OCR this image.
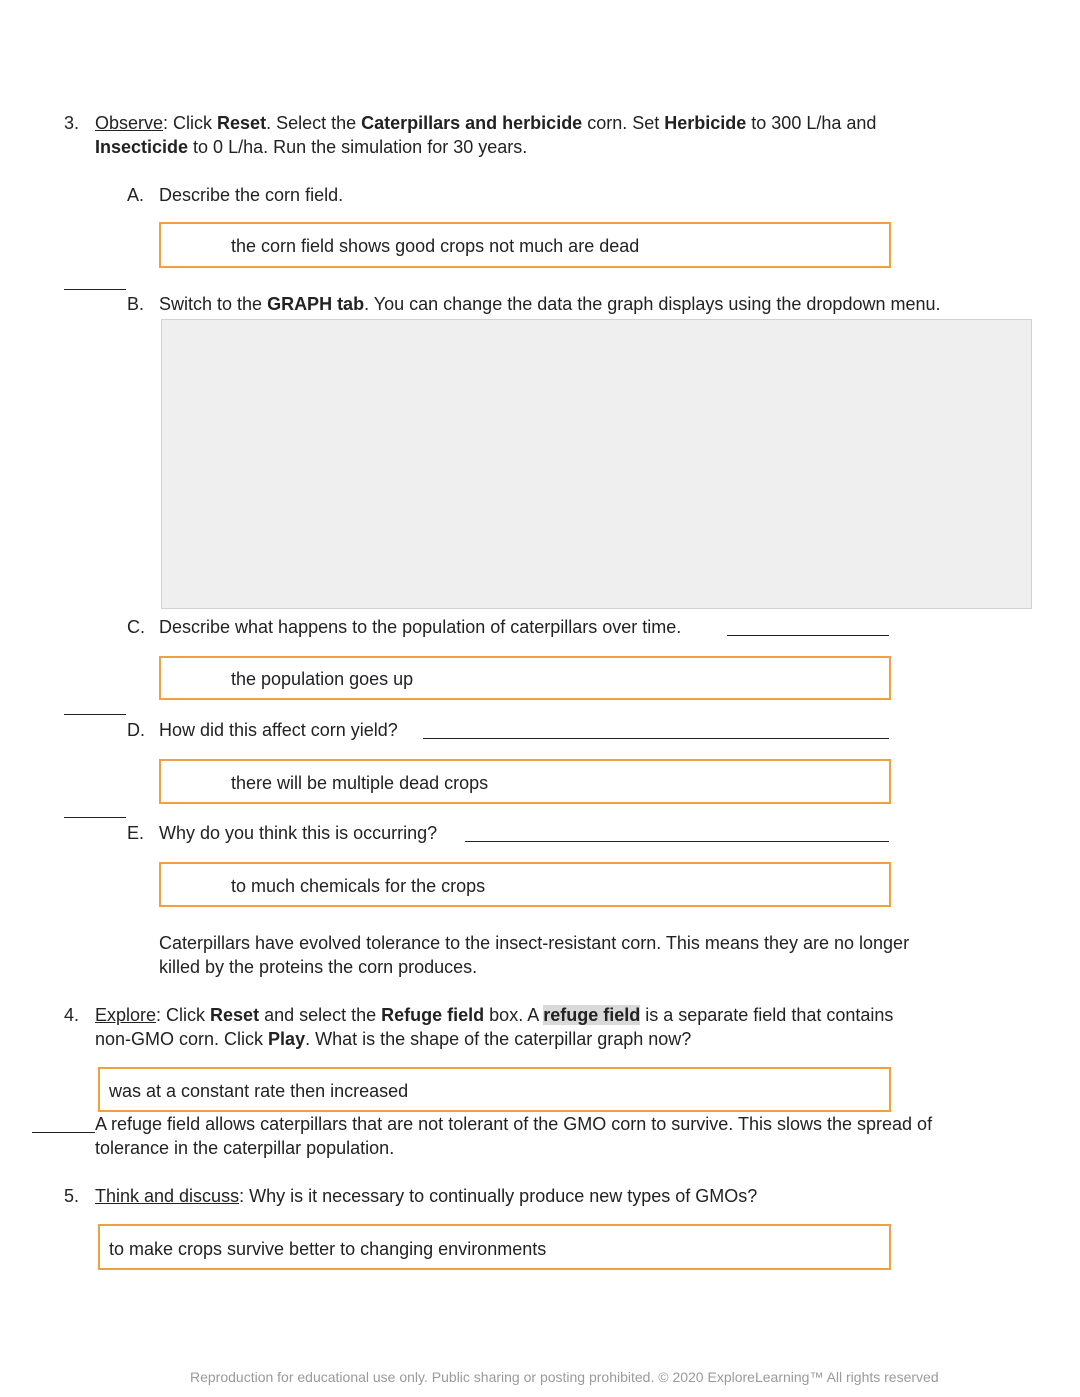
3. Observe: Click Reset. Select the Caterpillars and herbicide corn. Set Herbicide to 300 L/ha and
Insecticide to 0 L/ha. Run the simulation for 30 years.
A. Describe the corn field.
the corn field shows good crops not much are dead
B. Switch to the GRAPH tab. You can change the data the graph displays using the dropdown menu.
C. Describe what happens to the population of caterpillars over time.
the population goes up
D. How did this affect corn yield?
there will be multiple dead crops
E. Why do you think this is occurring?
to much chemicals for the crops
Caterpillars have evolved tolerance to the insect-resistant corn. This means they are no longer
killed by the proteins the corn produces.
4. Explore: Click Reset and select the Refuge field box. A refuge field is a separate field that contains
non-GMO corn. Click Play. What is the shape of the caterpillar graph now?
was at a constant rate then increased
A refuge field allows caterpillars that are not tolerant of the GMO corn to survive. This slows the spread of
tolerance in the caterpillar population.
5. Think and discuss: Why is it necessary to continually produce new types of GMOs?
to make crops survive better to changing environments
Reproduction for educational use only. Public sharing or posting prohibited. © 2020 ExploreLearning™ All rights reserved
